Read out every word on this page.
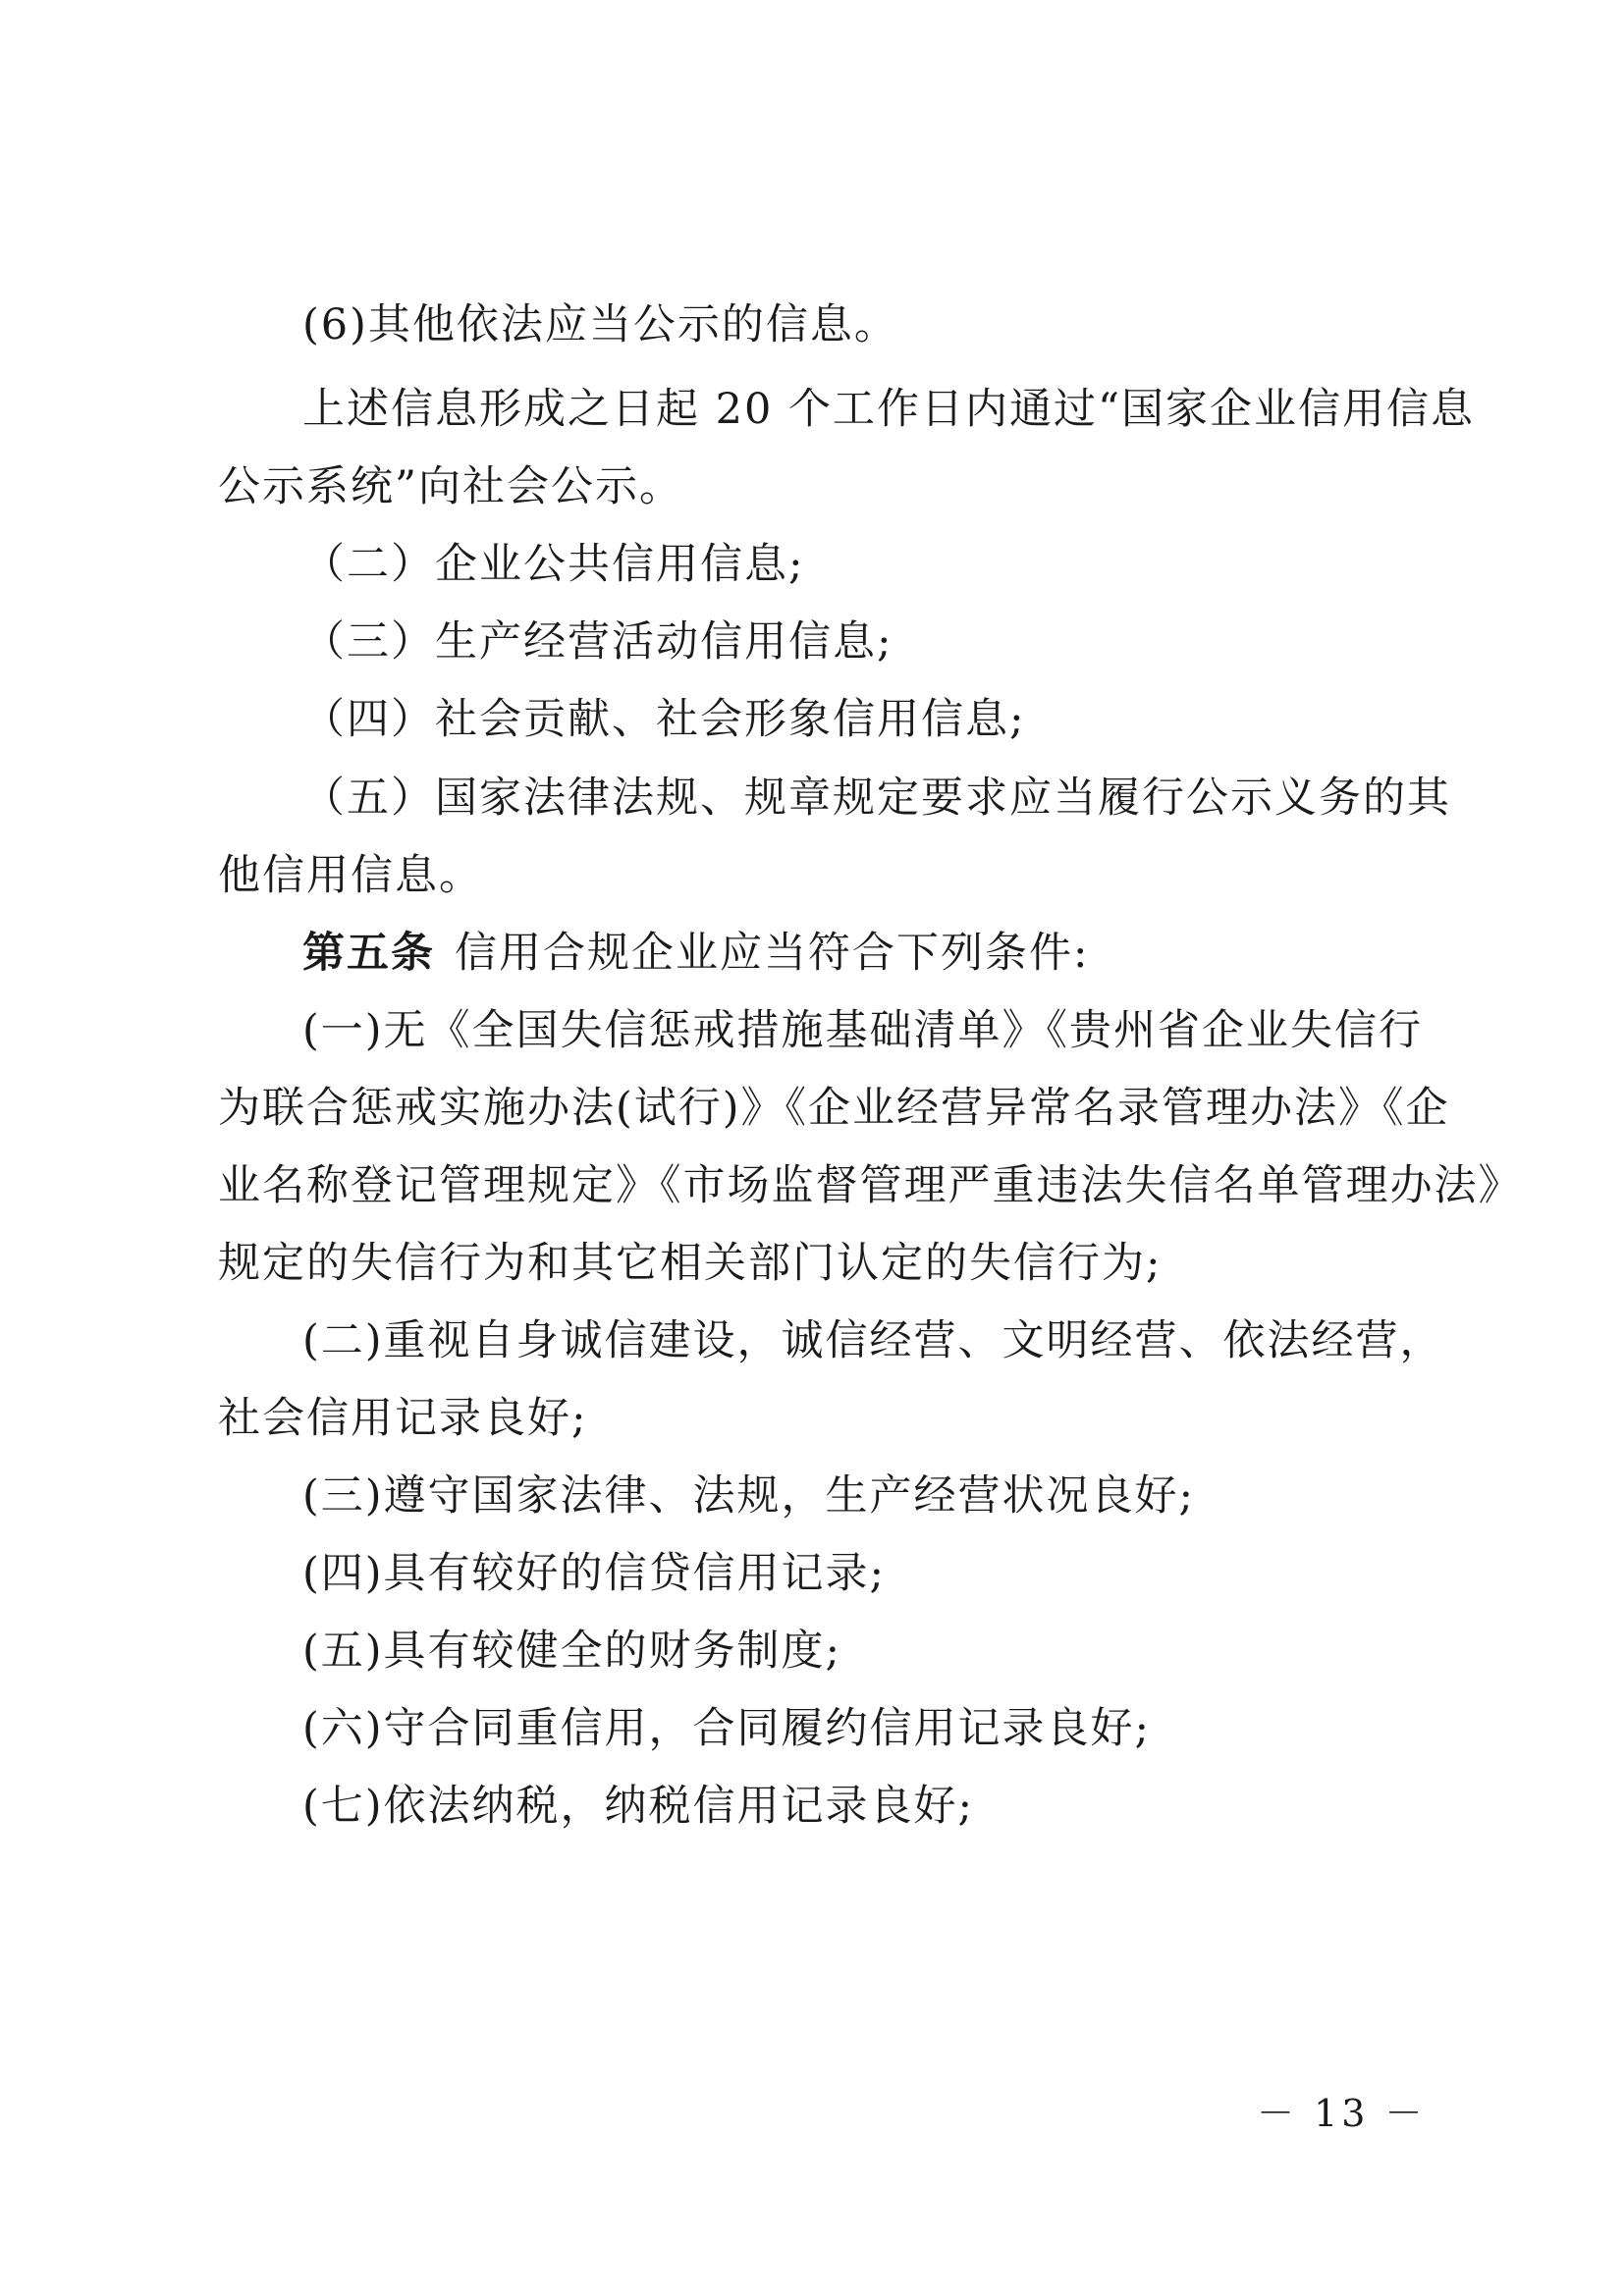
(6)其他依法应当公示的信息。
上述信息形成之日起 20 个工作日内通过“国家企业信用信息
公示系统”向社会公示。
（二）企业公共信用信息;
（三）生产经营活动信用信息;
（四）社会贡献、社会形象信用信息;
（五）国家法律法规、规章规定要求应当履行公示义务的其
他信用信息。
第五条 信用合规企业应当符合下列条件:
(一)无《全国失信惩戒措施基础清单》《贵州省企业失信行
为联合惩戒实施办法(试行)》《企业经营异常名录管理办法》《企
业名称登记管理规定》《市场监督管理严重违法失信名单管理办法》
规定的失信行为和其它相关部门认定的失信行为;
(二)重视自身诚信建设，诚信经营、文明经营、依法经营，
社会信用记录良好;
(三)遵守国家法律、法规，生产经营状况良好;
(四)具有较好的信贷信用记录;
(五)具有较健全的财务制度;
(六)守合同重信用，合同履约信用记录良好;
(七)依法纳税，纳税信用记录良好;
－ 13 －
